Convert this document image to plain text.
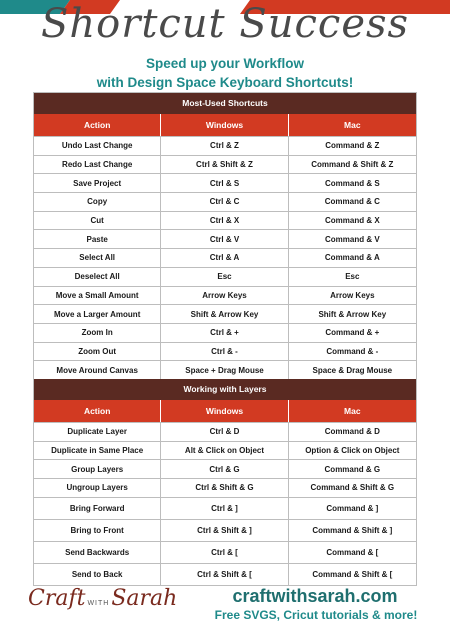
Shortcut Success
Speed up your Workflow
with Design Space Keyboard Shortcuts!
Most-Used Shortcuts
Action	Windows	Mac
Undo Last Change	Ctrl & Z	Command & Z
Redo Last Change	Ctrl & Shift & Z	Command & Shift & Z
Save Project	Ctrl & S	Command & S
Copy	Ctrl & C	Command & C
Cut	Ctrl & X	Command & X
Paste	Ctrl & V	Command & V
Select All	Ctrl & A	Command & A
Deselect All	Esc	Esc
Move a Small Amount	Arrow Keys	Arrow Keys
Move a Larger Amount	Shift & Arrow Key	Shift & Arrow Key
Zoom In	Ctrl & +	Command & +
Zoom Out	Ctrl & -	Command & -
Move Around Canvas	Space + Drag Mouse	Space & Drag Mouse
Working with Layers
Action	Windows	Mac
Duplicate Layer	Ctrl & D	Command & D
Duplicate in Same Place	Alt & Click on Object	Option & Click on Object
Group Layers	Ctrl & G	Command & G
Ungroup Layers	Ctrl & Shift & G	Command & Shift & G
Bring Forward	Ctrl & ]	Command & ]
Bring to Front	Ctrl & Shift & ]	Command & Shift & ]
Send Backwards	Ctrl & [	Command & [
Send to Back	Ctrl & Shift & [	Command & Shift & [
Craft WITHSarah	craftwithsarah.com
Free SVGS, Cricut tutorials & more!
